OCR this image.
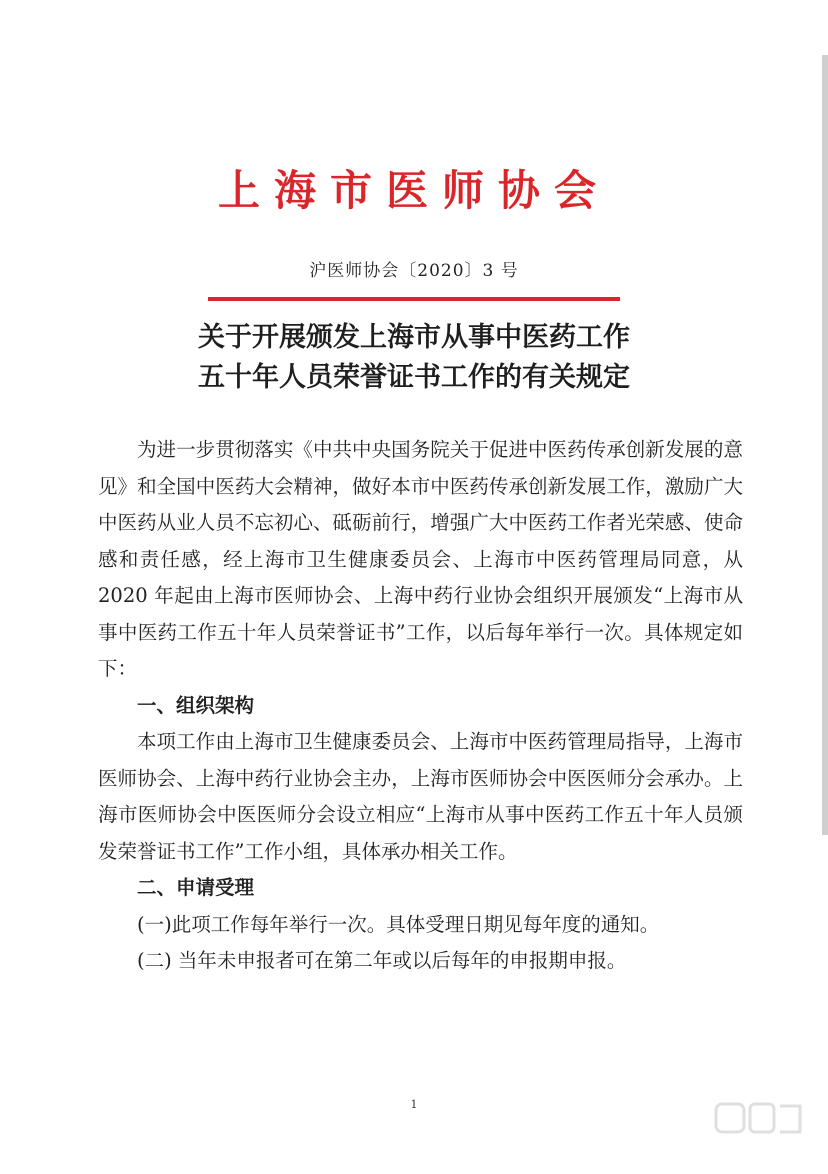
上海市医师协会
沪医师协会〔2020〕3 号
关于开展颁发上海市从事中医药工作
五十年人员荣誉证书工作的有关规定

为进一步贯彻落实《中共中央国务院关于促进中医药传承创新发展的意见》和全国中医药大会精神，做好本市中医药传承创新发展工作，激励广大中医药从业人员不忘初心、砥砺前行，增强广大中医药工作者光荣感、使命感和责任感，经上海市卫生健康委员会、上海市中医药管理局同意，从 2020 年起由上海市医师协会、上海中药行业协会组织开展颁发“上海市从事中医药工作五十年人员荣誉证书”工作，以后每年举行一次。具体规定如下：

一、组织架构

本项工作由上海市卫生健康委员会、上海市中医药管理局指导，上海市医师协会、上海中药行业协会主办，上海市医师协会中医医师分会承办。上海市医师协会中医医师分会设立相应“上海市从事中医药工作五十年人员颁发荣誉证书工作”工作小组，具体承办相关工作。

二、申请受理

(一)此项工作每年举行一次。具体受理日期见每年度的通知。

(二) 当年未申报者可在第二年或以后每年的申报期申报。

1
